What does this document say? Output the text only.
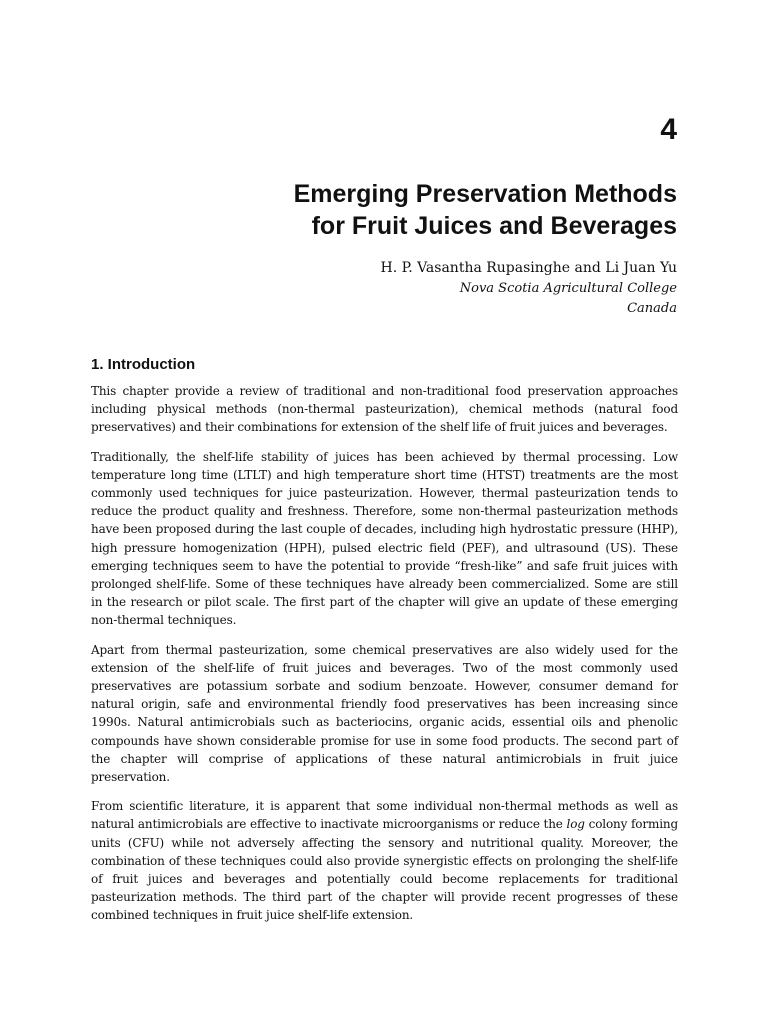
4
Emerging Preservation Methods
for Fruit Juices and Beverages
H. P. Vasantha Rupasinghe and Li Juan Yu
Nova Scotia Agricultural College
Canada
1. Introduction

This chapter provide a review of traditional and non-traditional food preservation approaches including physical methods (non-thermal pasteurization), chemical methods (natural food preservatives) and their combinations for extension of the shelf life of fruit juices and beverages.

Traditionally, the shelf-life stability of juices has been achieved by thermal processing. Low temperature long time (LTLT) and high temperature short time (HTST) treatments are the most commonly used techniques for juice pasteurization. However, thermal pasteurization tends to reduce the product quality and freshness. Therefore, some non-thermal pasteurization methods have been proposed during the last couple of decades, including high hydrostatic pressure (HHP), high pressure homogenization (HPH), pulsed electric field (PEF), and ultrasound (US). These emerging techniques seem to have the potential to provide “fresh-like” and safe fruit juices with prolonged shelf-life. Some of these techniques have already been commercialized. Some are still in the research or pilot scale. The first part of the chapter will give an update of these emerging non-thermal techniques.

Apart from thermal pasteurization, some chemical preservatives are also widely used for the extension of the shelf-life of fruit juices and beverages. Two of the most commonly used preservatives are potassium sorbate and sodium benzoate. However, consumer demand for natural origin, safe and environmental friendly food preservatives has been increasing since 1990s. Natural antimicrobials such as bacteriocins, organic acids, essential oils and phenolic compounds have shown considerable promise for use in some food products. The second part of the chapter will comprise of applications of these natural antimicrobials in fruit juice preservation.

From scientific literature, it is apparent that some individual non-thermal methods as well as natural antimicrobials are effective to inactivate microorganisms or reduce the log colony forming units (CFU) while not adversely affecting the sensory and nutritional quality. Moreover, the combination of these techniques could also provide synergistic effects on prolonging the shelf-life of fruit juices and beverages and potentially could become replacements for traditional pasteurization methods. The third part of the chapter will provide recent progresses of these combined techniques in fruit juice shelf-life extension.
